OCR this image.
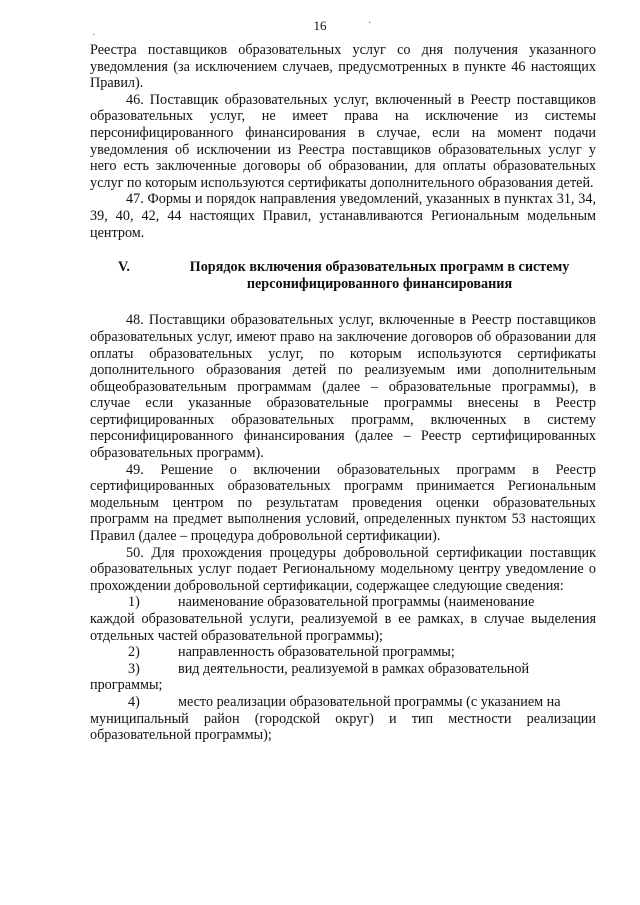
16
·
·

Реестра поставщиков образовательных услуг со дня получения указанного уведомления (за исключением случаев, предусмотренных в пункте 46 настоящих Правил).

46. Поставщик образовательных услуг, включенный в Реестр поставщиков образовательных услуг, не имеет права на исключение из системы персонифицированного финансирования в случае, если на момент подачи уведомления об исключении из Реестра поставщиков образовательных услуг у него есть заключенные договоры об образовании, для оплаты образовательных услуг по которым используются сертификаты дополнительного образования детей.

47. Формы и порядок направления уведомлений, указанных в пунктах 31, 34, 39, 40, 42, 44 настоящих Правил, устанавливаются Региональным модельным центром.

V.	Порядок включения образовательных программ в систему
персонифицированного финансирования

48. Поставщики образовательных услуг, включенные в Реестр поставщиков образовательных услуг, имеют право на заключение договоров об образовании для оплаты образовательных услуг, по которым используются сертификаты дополнительного образования детей по реализуемым ими дополнительным общеобразовательным программам (далее – образовательные программы), в случае если указанные образовательные программы внесены в Реестр сертифицированных образовательных программ, включенных в систему персонифицированного финансирования (далее – Реестр сертифицированных образовательных программ).

49. Решение о включении образовательных программ в Реестр сертифицированных образовательных программ принимается Региональным модельным центром по результатам проведения оценки образовательных программ на предмет выполнения условий, определенных пунктом 53 настоящих Правил (далее – процедура добровольной сертификации).

50. Для прохождения процедуры добровольной сертификации поставщик образовательных услуг подает Региональному модельному центру уведомление о прохождении добровольной сертификации, содержащее следующие сведения:

1)	наименование образовательной программы (наименование

каждой образовательной услуги, реализуемой в ее рамках, в случае выделения отдельных частей образовательной программы);

2)	направленность образовательной программы;
3)	вид деятельности, реализуемой в рамках образовательной

программы;

4)	место реализации образовательной программы (с указанием на

муниципальный район (городской округ) и тип местности реализации образовательной программы);
